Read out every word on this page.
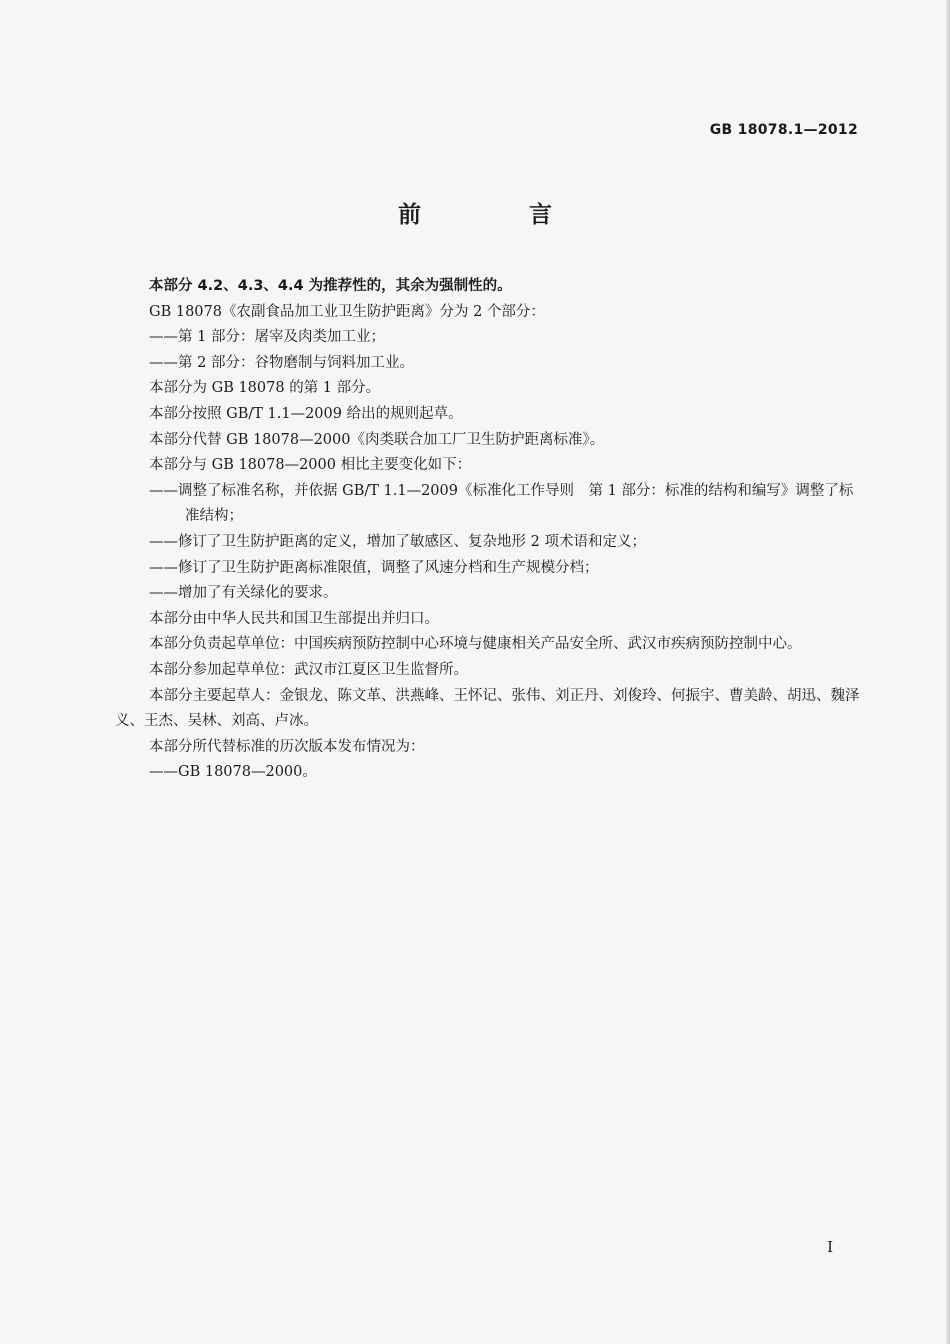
GB 18078.1—2012
前 言

本部分 4.2、4.3、4.4 为推荐性的，其余为强制性的。

GB 18078《农副食品加工业卫生防护距离》分为 2 个部分：

——第 1 部分：屠宰及肉类加工业；

——第 2 部分：谷物磨制与饲料加工业。

本部分为 GB 18078 的第 1 部分。

本部分按照 GB/T 1.1—2009 给出的规则起草。

本部分代替 GB 18078—2000《肉类联合加工厂卫生防护距离标准》。

本部分与 GB 18078—2000 相比主要变化如下：

——调整了标准名称，并依据 GB/T 1.1—2009《标准化工作导则　第 1 部分：标准的结构和编写》调整了标准结构；

——修订了卫生防护距离的定义，增加了敏感区、复杂地形 2 项术语和定义；

——修订了卫生防护距离标准限值，调整了风速分档和生产规模分档；

——增加了有关绿化的要求。

本部分由中华人民共和国卫生部提出并归口。

本部分负责起草单位：中国疾病预防控制中心环境与健康相关产品安全所、武汉市疾病预防控制中心。

本部分参加起草单位：武汉市江夏区卫生监督所。

本部分主要起草人：金银龙、陈文革、洪燕峰、王怀记、张伟、刘正丹、刘俊玲、何振宇、曹美龄、胡迅、魏泽义、王杰、吴林、刘高、卢冰。

本部分所代替标准的历次版本发布情况为：

——GB 18078—2000。

I
